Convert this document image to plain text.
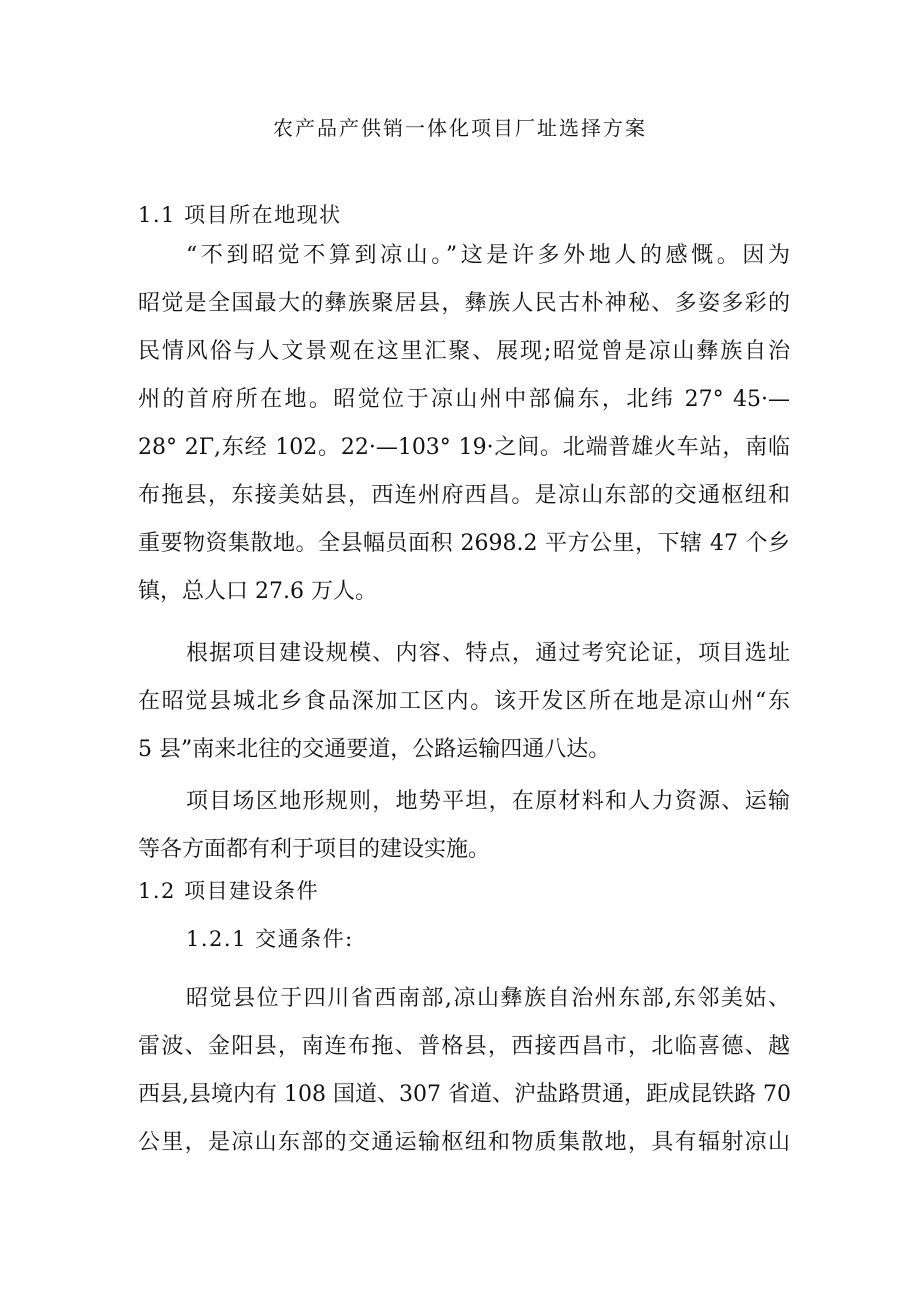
农产品产供销一体化项目厂址选择方案
1.1 项目所在地现状
“不到昭觉不算到凉山。”这是许多外地人的感慨。因为
昭觉是全国最大的彝族聚居县，彝族人民古朴神秘、多姿多彩的
民情风俗与人文景观在这里汇聚、展现;昭觉曾是凉山彝族自治
州的首府所在地。昭觉位于凉山州中部偏东，北纬 27° 45·—
28° 2Γ,东经 102。22·—103° 19·之间。北端普雄火车站，南临
布拖县，东接美姑县，西连州府西昌。是凉山东部的交通枢纽和
重要物资集散地。全县幅员面积 2698.2 平方公里，下辖 47 个乡
镇，总人口 27.6 万人。
根据项目建设规模、内容、特点，通过考究论证，项目选址
在昭觉县城北乡食品深加工区内。该开发区所在地是凉山州“东
5 县”南来北往的交通要道，公路运输四通八达。
项目场区地形规则，地势平坦，在原材料和人力资源、运输
等各方面都有利于项目的建设实施。
1.2 项目建设条件
1.2.1 交通条件:
昭觉县位于四川省西南部,凉山彝族自治州东部,东邻美姑、
雷波、金阳县，南连布拖、普格县，西接西昌市，北临喜德、越
西县,县境内有 108 国道、307 省道、沪盐路贯通，距成昆铁路 70
公里，是凉山东部的交通运输枢纽和物质集散地，具有辐射凉山
